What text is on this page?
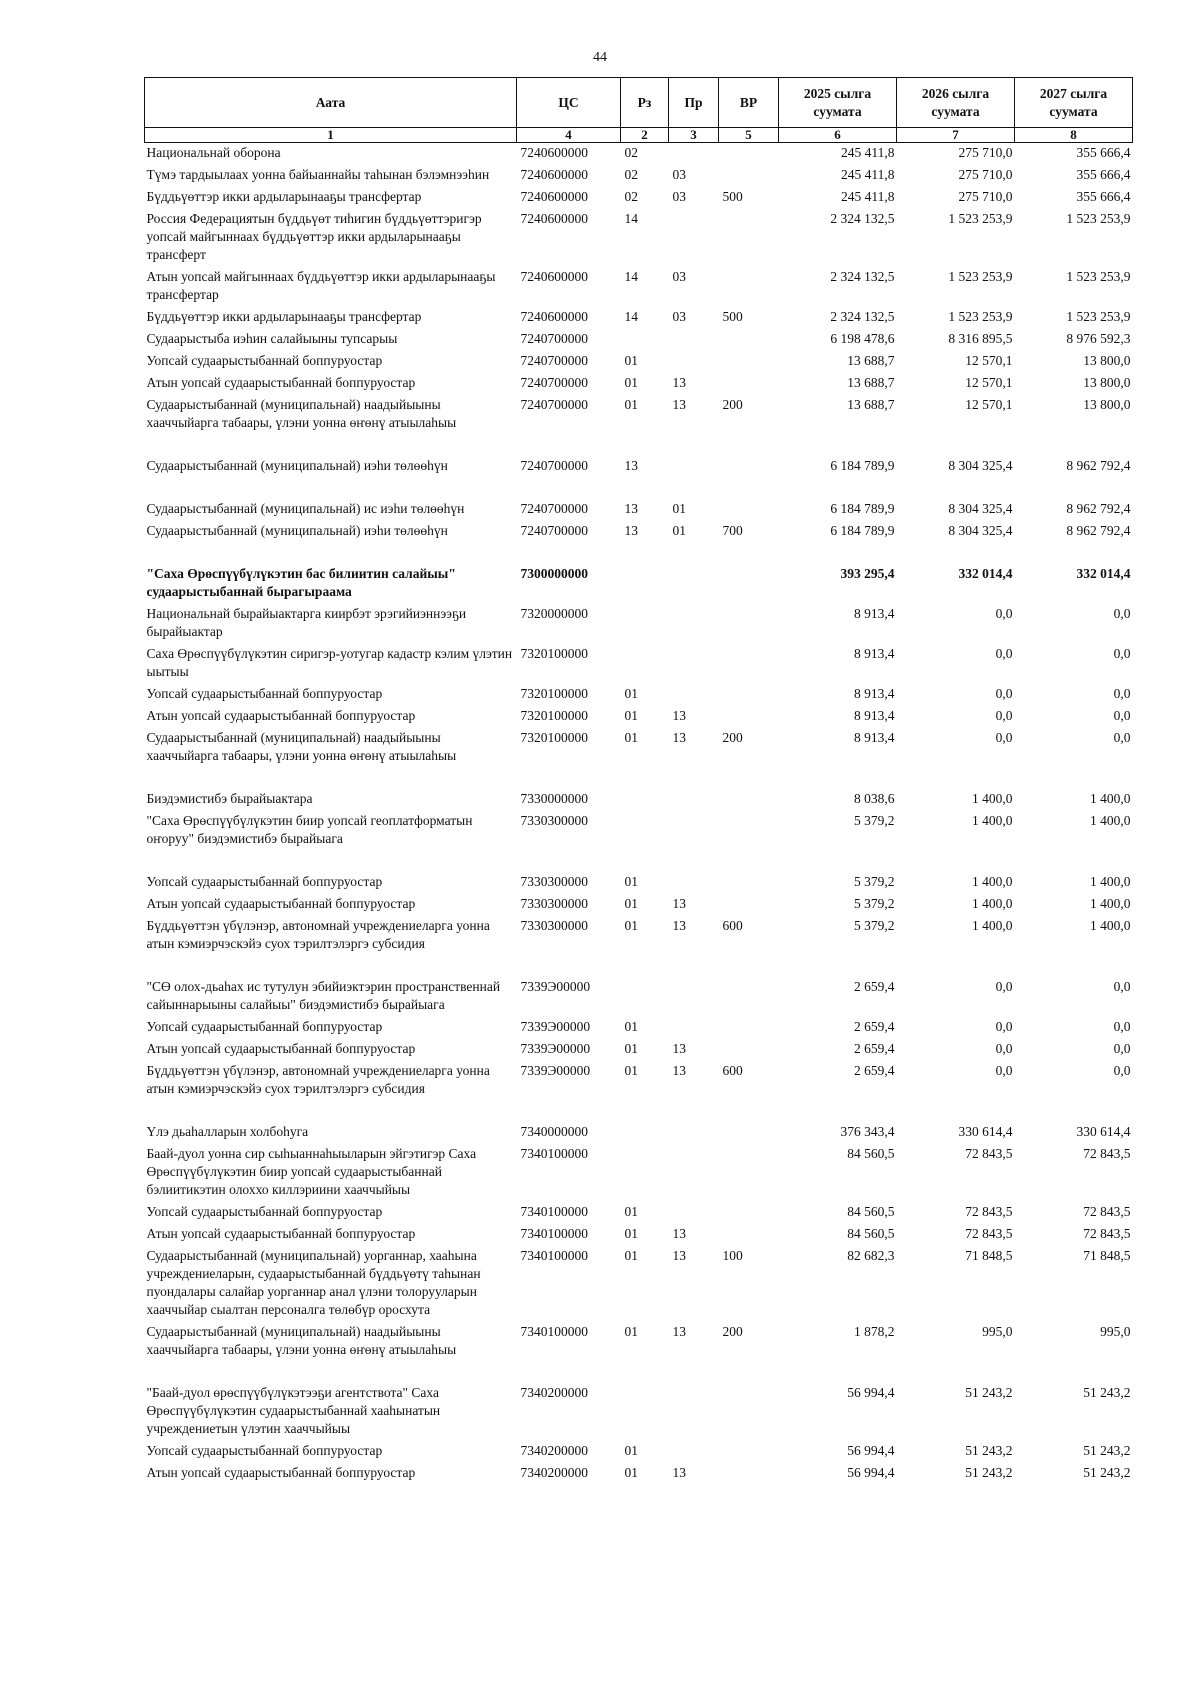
44
Аата	ЦС	Рз	Пр	ВР	2025 сылга суумата	2026 сылга суумата	2027 сылга суумата
1	4	2	3	5	6	7	8
Национальнай оборона	7240600000	02			245 411,8	275 710,0	355 666,4
Түмэ тардыылаах уонна байыаннайы таһынан бэлэмнээһин	7240600000	02	03		245 411,8	275 710,0	355 666,4
Бүддьүөттэр икки ардыларынааҕы трансфертар	7240600000	02	03	500	245 411,8	275 710,0	355 666,4
Россия Федерациятын бүддьүөт тиһигин бүддьүөттэригэр уопсай майгыннаах бүддьүөттэр икки ардыларынааҕы трансферт	7240600000	14			2 324 132,5	1 523 253,9	1 523 253,9
Атын уопсай майгыннаах бүддьүөттэр икки ардыларынааҕы трансфертар	7240600000	14	03		2 324 132,5	1 523 253,9	1 523 253,9
Бүддьүөттэр икки ардыларынааҕы трансфертар	7240600000	14	03	500	2 324 132,5	1 523 253,9	1 523 253,9
Судаарыстыба иэһин салайыыны тупсарыы	7240700000				6 198 478,6	8 316 895,5	8 976 592,3
Уопсай судаарыстыбаннай боппуруостар	7240700000	01			13 688,7	12 570,1	13 800,0
Атын уопсай судаарыстыбаннай боппуруостар	7240700000	01	13		13 688,7	12 570,1	13 800,0
Судаарыстыбаннай (муниципальнай) наадыйыыны хааччыйарга табаары, үлэни уонна өҥөнү атыылаһыы	7240700000	01	13	200	13 688,7	12 570,1	13 800,0
Судаарыстыбаннай (муниципальнай) иэһи төлөөһүн	7240700000	13			6 184 789,9	8 304 325,4	8 962 792,4
Судаарыстыбаннай (муниципальнай) ис иэһи төлөөһүн	7240700000	13	01		6 184 789,9	8 304 325,4	8 962 792,4
Судаарыстыбаннай (муниципальнай) иэһи төлөөһүн	7240700000	13	01	700	6 184 789,9	8 304 325,4	8 962 792,4
"Саха Өрөспүүбүлүкэтин бас билиитин салайыы" судаарыстыбаннай бырагыраама	7300000000				393 295,4	332 014,4	332 014,4
Национальнай бырайыактарга киирбэт эрэгийиэннээҕи бырайыактар	7320000000				8 913,4	0,0	0,0
Саха Өрөспүүбүлүкэтин сиригэр-уотугар кадастр кэлим үлэтин ыытыы	7320100000				8 913,4	0,0	0,0
Уопсай судаарыстыбаннай боппуруостар	7320100000	01			8 913,4	0,0	0,0
Атын уопсай судаарыстыбаннай боппуруостар	7320100000	01	13		8 913,4	0,0	0,0
Судаарыстыбаннай (муниципальнай) наадыйыыны хааччыйарга табаары, үлэни уонна өҥөнү атыылаһыы	7320100000	01	13	200	8 913,4	0,0	0,0
Биэдэмистибэ бырайыактара	7330000000				8 038,6	1 400,0	1 400,0
"Саха Өрөспүүбүлүкэтин биир уопсай геоплатформатын оҥоруу" биэдэмистибэ бырайыага	7330300000				5 379,2	1 400,0	1 400,0
Уопсай судаарыстыбаннай боппуруостар	7330300000	01			5 379,2	1 400,0	1 400,0
Атын уопсай судаарыстыбаннай боппуруостар	7330300000	01	13		5 379,2	1 400,0	1 400,0
Бүддьүөттэн үбүлэнэр, автономнай учреждениеларга уонна атын кэмиэрчэскэйэ суох тэрилтэлэргэ субсидия	7330300000	01	13	600	5 379,2	1 400,0	1 400,0
"СӨ олох-дьаһах ис тутулун эбийиэктэрин пространственнай сайыннарыыны салайыы" биэдэмистибэ бырайыага	7339Э00000				2 659,4	0,0	0,0
Уопсай судаарыстыбаннай боппуруостар	7339Э00000	01			2 659,4	0,0	0,0
Атын уопсай судаарыстыбаннай боппуруостар	7339Э00000	01	13		2 659,4	0,0	0,0
Бүддьүөттэн үбүлэнэр, автономнай учреждениеларга уонна атын кэмиэрчэскэйэ суох тэрилтэлэргэ субсидия	7339Э00000	01	13	600	2 659,4	0,0	0,0
Үлэ дьаһалларын холбоһуга	7340000000				376 343,4	330 614,4	330 614,4
Баай-дуол уонна сир сыһыаннаһыыларын эйгэтигэр Саха Өрөспүүбүлүкэтин биир уопсай судаарыстыбаннай бэлиитикэтин олоххо киллэриини хааччыйыы	7340100000				84 560,5	72 843,5	72 843,5
Уопсай судаарыстыбаннай боппуруостар	7340100000	01			84 560,5	72 843,5	72 843,5
Атын уопсай судаарыстыбаннай боппуруостар	7340100000	01	13		84 560,5	72 843,5	72 843,5
Судаарыстыбаннай (муниципальнай) уорганнар, хааһына учреждениеларын, судаарыстыбаннай бүддьүөтү таһынан пуондалары салайар уорганнар анал үлэни толорууларын хааччыйар сыалтан персоналга төлөбүр оросхута	7340100000	01	13	100	82 682,3	71 848,5	71 848,5
Судаарыстыбаннай (муниципальнай) наадыйыыны хааччыйарга табаары, үлэни уонна өҥөнү атыылаһыы	7340100000	01	13	200	1 878,2	995,0	995,0
"Баай-дуол өрөспүүбүлүкэтээҕи агентствота" Саха Өрөспүүбүлүкэтин судаарыстыбаннай хааһынатын учреждениетын үлэтин хааччыйыы	7340200000				56 994,4	51 243,2	51 243,2
Уопсай судаарыстыбаннай боппуруостар	7340200000	01			56 994,4	51 243,2	51 243,2
Атын уопсай судаарыстыбаннай боппуруостар	7340200000	01	13		56 994,4	51 243,2	51 243,2
